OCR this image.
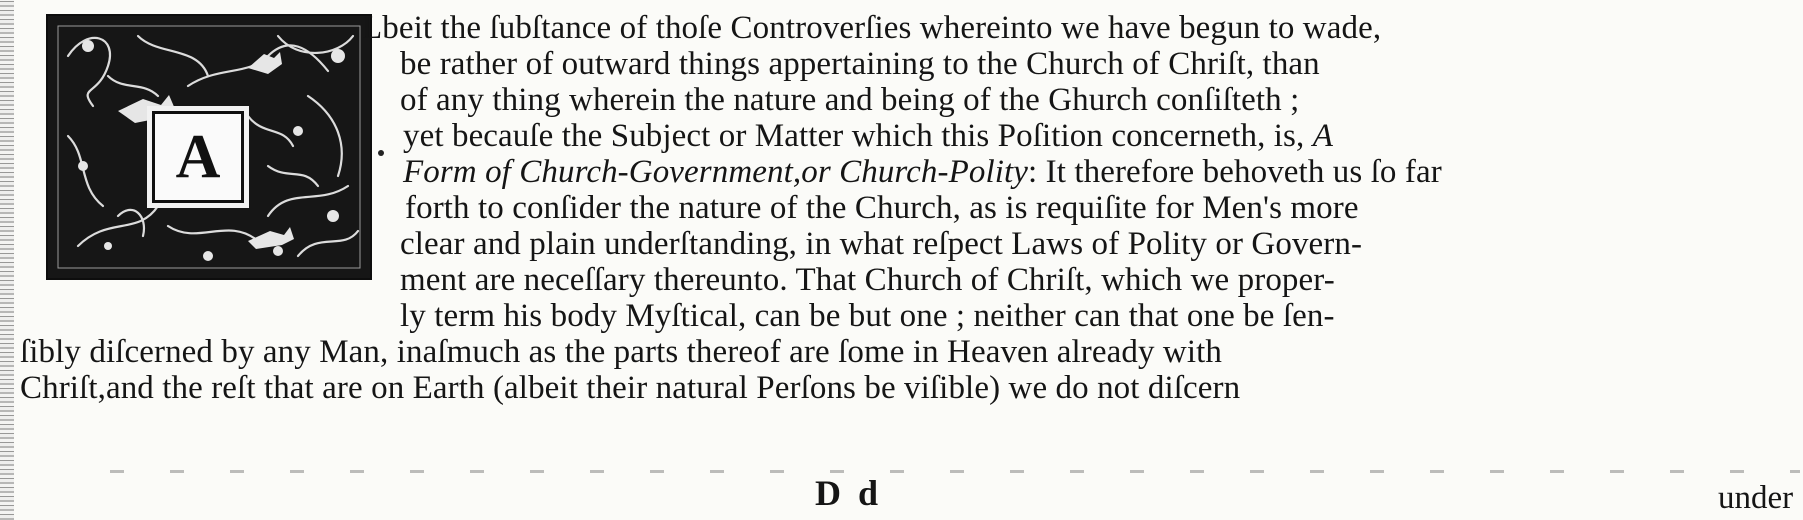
A
Lbeit the ſubſtance of thoſe Controverſies whereinto we have begun to wade,
be rather of outward things appertaining to the Church of Chriſt, than
of any thing wherein the nature and being of the Ghurch conſiſteth ;
yet becauſe the Subject or Matter which this Poſition concerneth, is, A
Form of Church-Government,or Church-Polity: It therefore behoveth us ſo far
forth to conſider the nature of the Church, as is requiſite for Men's more
clear and plain underſtanding, in what reſpect Laws of Polity or Govern-
ment are neceſſary thereunto. That Church of Chriſt, which we proper-
ly term his body Myſtical, can be but one ; neither can that one be ſen-
ſibly diſcerned by any Man, inaſmuch as the parts thereof are ſome in Heaven already with
Chriſt,and the reſt that are on Earth (albeit their natural Perſons be viſible) we do not diſcern
D d	under
